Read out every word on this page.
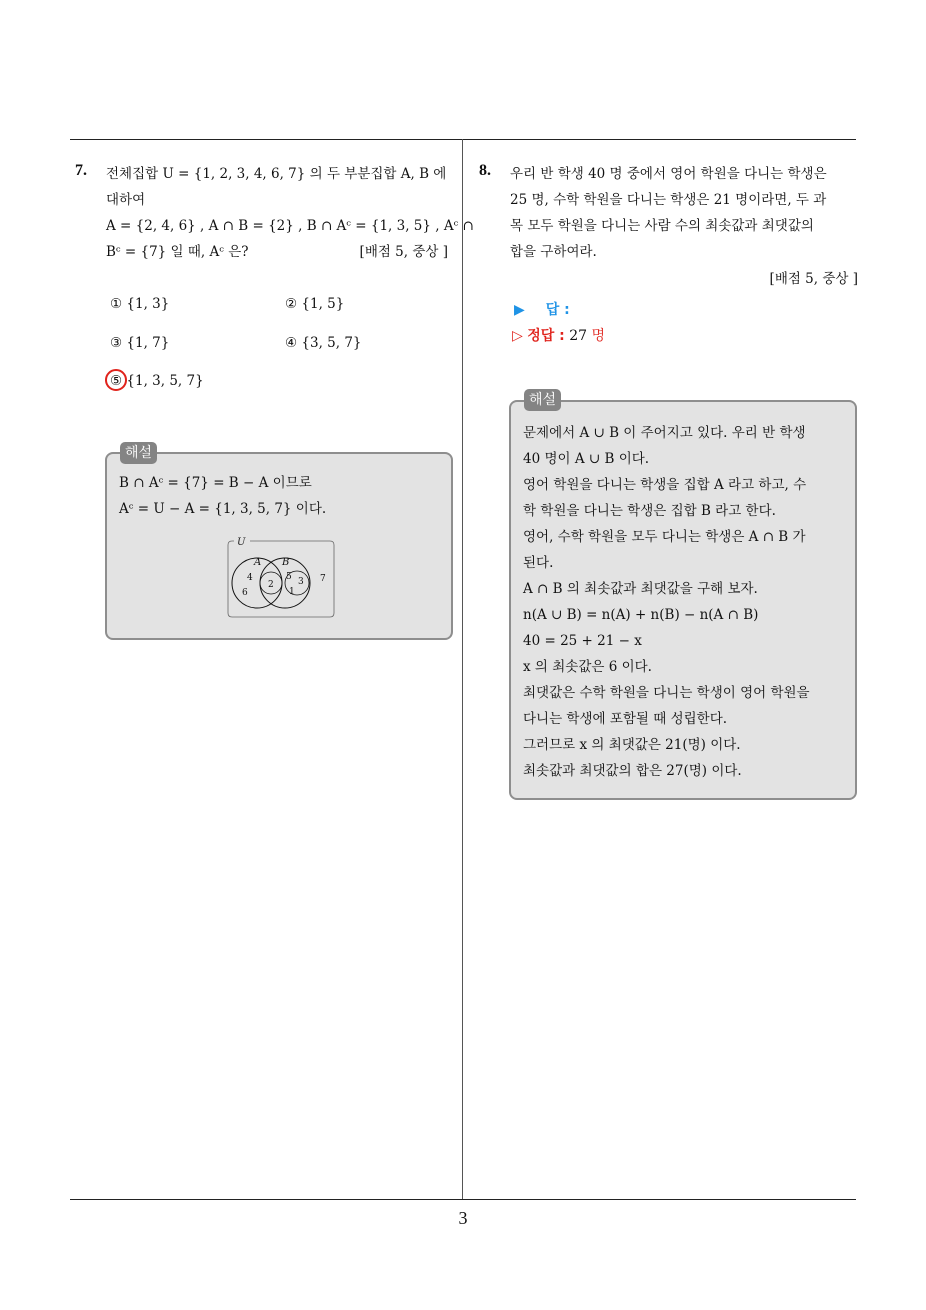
7. 전체집합 U = {1, 2, 3, 4, 6, 7} 의 두 부분집합 A, B 에
대하여
A = {2, 4, 6} , A ∩ B = {2} , B ∩ Aᶜ = {1, 3, 5} , Aᶜ ∩
Bᶜ = {7} 일 때, Aᶜ 은?	[배점 5, 중상 ]
① {1, 3}	② {1, 5}
③ {1, 7}	④ {3, 5, 7}
⑤ {1, 3, 5, 7}
해설
B ∩ Aᶜ = {7} = B − A 이므로
Aᶜ = U − A = {1, 3, 5, 7} 이다.
U
A B
4
6
2
5 3
1
7
8. 우리 반 학생 40 명 중에서 영어 학원을 다니는 학생은
25 명, 수학 학원을 다니는 학생은 21 명이라면, 두 과
목 모두 학원을 다니는 사람 수의 최솟값과 최댓값의
합을 구하여라.
[배점 5, 중상 ]
▶ 답 :
▷ 정답 : 27 명
해설
문제에서 A ∪ B 이 주어지고 있다. 우리 반 학생
40 명이 A ∪ B 이다.
영어 학원을 다니는 학생을 집합 A 라고 하고, 수
학 학원을 다니는 학생은 집합 B 라고 한다.
영어, 수학 학원을 모두 다니는 학생은 A ∩ B 가
된다.
A ∩ B 의 최솟값과 최댓값을 구해 보자.
n(A ∪ B) = n(A) + n(B) − n(A ∩ B)
40 = 25 + 21 − x
x 의 최솟값은 6 이다.
최댓값은 수학 학원을 다니는 학생이 영어 학원을
다니는 학생에 포함될 때 성립한다.
그러므로 x 의 최댓값은 21(명) 이다.
최솟값과 최댓값의 합은 27(명) 이다.
3
